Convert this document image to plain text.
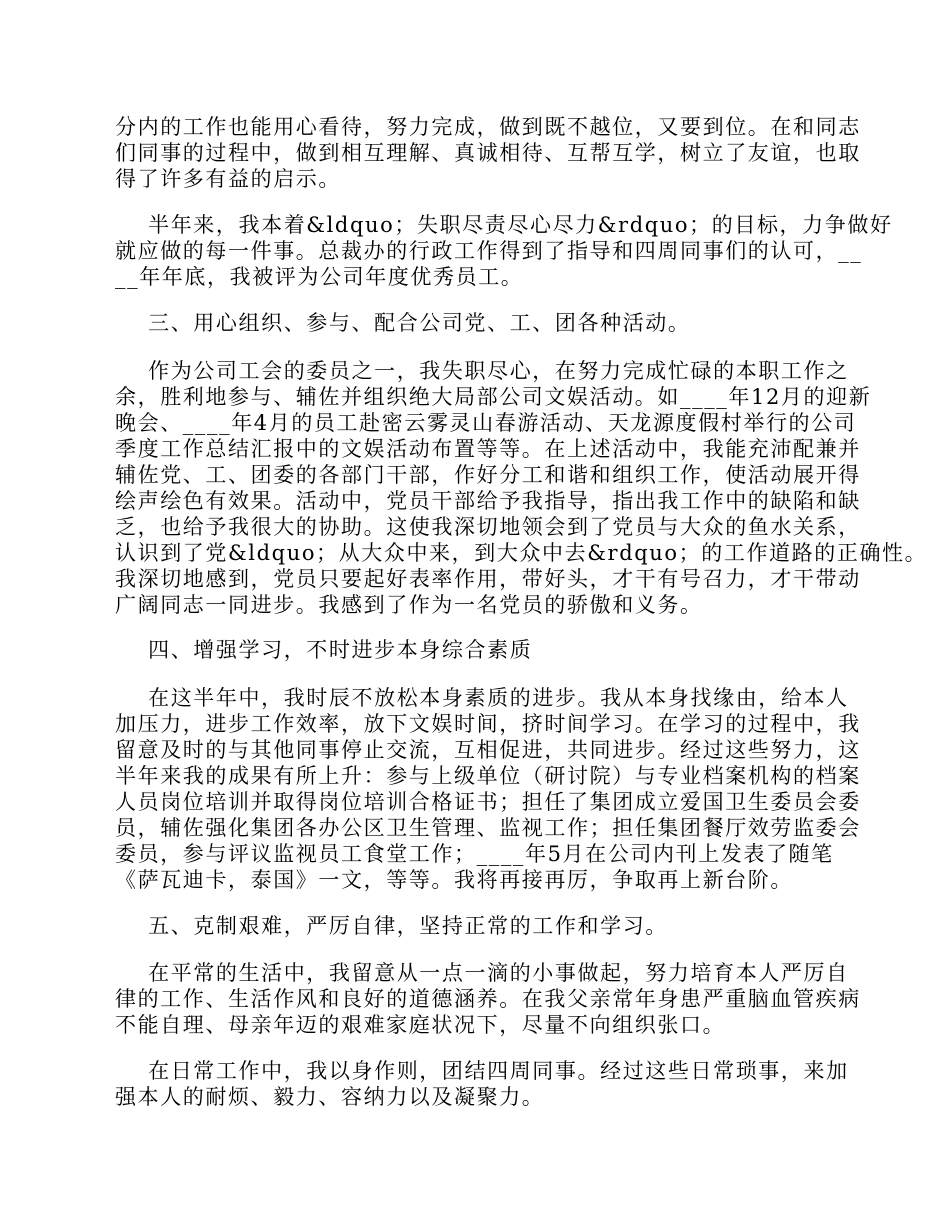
分内的工作也能用心看待，努力完成，做到既不越位，又要到位。在和同志
们同事的过程中，做到相互理解、真诚相待、互帮互学，树立了友谊，也取
得了许多有益的启示。
半年来，我本着&ldquo；失职尽责尽心尽力&rdquo；的目标，力争做好
就应做的每一件事。总裁办的行政工作得到了指导和四周同事们的认可，__
__年年底，我被评为公司年度优秀员工。
三、用心组织、参与、配合公司党、工、团各种活动。
作为公司工会的委员之一，我失职尽心，在努力完成忙碌的本职工作之
余，胜利地参与、辅佐并组织绝大局部公司文娱活动。如____年12月的迎新
晚会、____年4月的员工赴密云雾灵山春游活动、天龙源度假村举行的公司
季度工作总结汇报中的文娱活动布置等等。在上述活动中，我能充沛配兼并
辅佐党、工、团委的各部门干部，作好分工和谐和组织工作，使活动展开得
绘声绘色有效果。活动中，党员干部给予我指导，指出我工作中的缺陷和缺
乏，也给予我很大的协助。这使我深切地领会到了党员与大众的鱼水关系，
认识到了党&ldquo；从大众中来，到大众中去&rdquo；的工作道路的正确性。
我深切地感到，党员只要起好表率作用，带好头，才干有号召力，才干带动
广阔同志一同进步。我感到了作为一名党员的骄傲和义务。
四、增强学习，不时进步本身综合素质
在这半年中，我时辰不放松本身素质的进步。我从本身找缘由，给本人
加压力，进步工作效率，放下文娱时间，挤时间学习。在学习的过程中，我
留意及时的与其他同事停止交流，互相促进，共同进步。经过这些努力，这
半年来我的成果有所上升：参与上级单位（研讨院）与专业档案机构的档案
人员岗位培训并取得岗位培训合格证书；担任了集团成立爱国卫生委员会委
员，辅佐强化集团各办公区卫生管理、监视工作；担任集团餐厅效劳监委会
委员，参与评议监视员工食堂工作；____年5月在公司内刊上发表了随笔
《萨瓦迪卡，泰国》一文，等等。我将再接再厉，争取再上新台阶。
五、克制艰难，严厉自律，坚持正常的工作和学习。
在平常的生活中，我留意从一点一滴的小事做起，努力培育本人严厉自
律的工作、生活作风和良好的道德涵养。在我父亲常年身患严重脑血管疾病
不能自理、母亲年迈的艰难家庭状况下，尽量不向组织张口。
在日常工作中，我以身作则，团结四周同事。经过这些日常琐事，来加
强本人的耐烦、毅力、容纳力以及凝聚力。
